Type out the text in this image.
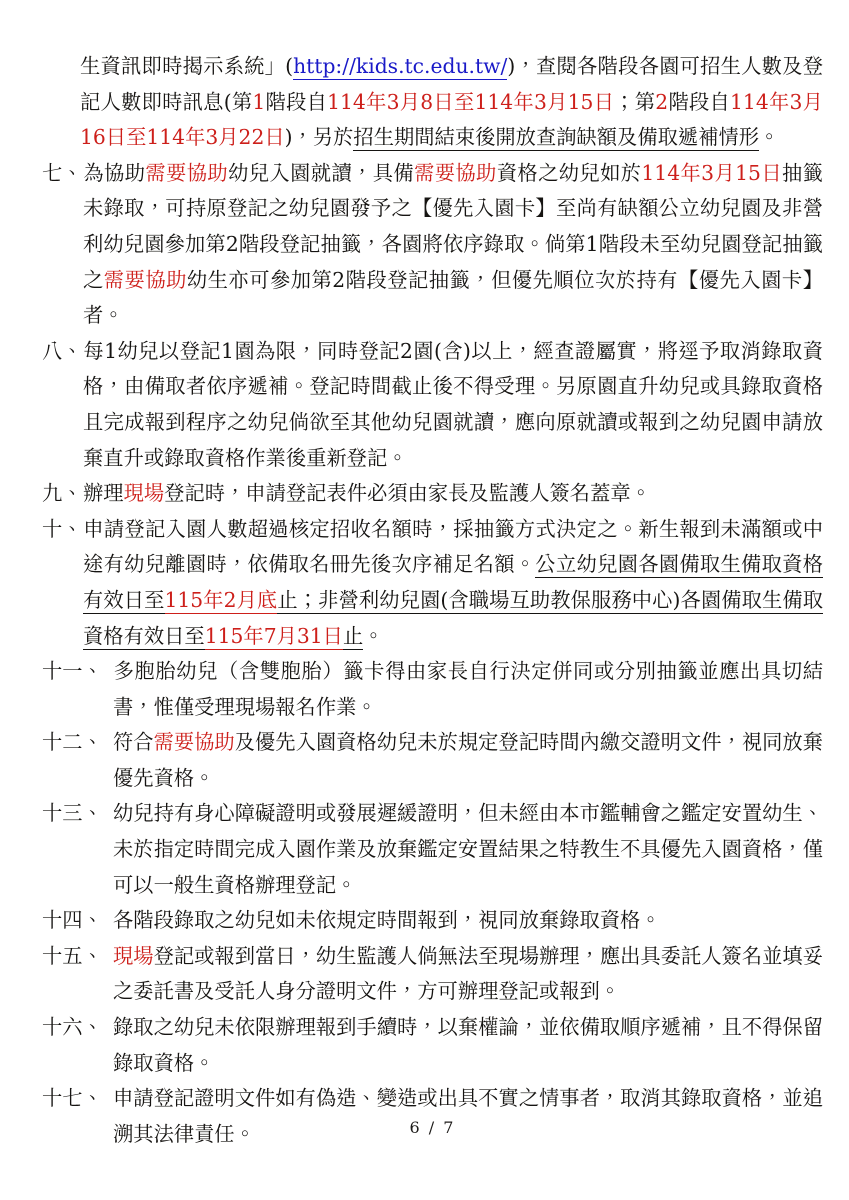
生資訊即時揭示系統」(http://kids.tc.edu.tw/)，查閱各階段各園可招生人數及登記人數即時訊息(第1階段自114年3月8日至114年3月15日；第2階段自114年3月16日至114年3月22日)，另於招生期間結束後開放查詢缺額及備取遞補情形。
七、為協助需要協助幼兒入園就讀，具備需要協助資格之幼兒如於114年3月15日抽籤未錄取，可持原登記之幼兒園發予之【優先入園卡】至尚有缺額公立幼兒園及非營利幼兒園參加第2階段登記抽籤，各園將依序錄取。倘第1階段未至幼兒園登記抽籤之需要協助幼生亦可參加第2階段登記抽籤，但優先順位次於持有【優先入園卡】者。
八、每1幼兒以登記1園為限，同時登記2園(含)以上，經查證屬實，將逕予取消錄取資格，由備取者依序遞補。登記時間截止後不得受理。另原園直升幼兒或具錄取資格且完成報到程序之幼兒倘欲至其他幼兒園就讀，應向原就讀或報到之幼兒園申請放棄直升或錄取資格作業後重新登記。
九、辦理現場登記時，申請登記表件必須由家長及監護人簽名蓋章。
十、申請登記入園人數超過核定招收名額時，採抽籤方式決定之。新生報到未滿額或中途有幼兒離園時，依備取名冊先後次序補足名額。公立幼兒園各園備取生備取資格有效日至115年2月底止；非營利幼兒園(含職場互助教保服務中心)各園備取生備取資格有效日至115年7月31日止。
十一、 多胞胎幼兒（含雙胞胎）籤卡得由家長自行決定併同或分別抽籤並應出具切結書，惟僅受理現場報名作業。
十二、 符合需要協助及優先入園資格幼兒未於規定登記時間內繳交證明文件，視同放棄優先資格。
十三、 幼兒持有身心障礙證明或發展遲緩證明，但未經由本市鑑輔會之鑑定安置幼生、未於指定時間完成入園作業及放棄鑑定安置結果之特教生不具優先入園資格，僅可以一般生資格辦理登記。
十四、 各階段錄取之幼兒如未依規定時間報到，視同放棄錄取資格。
十五、 現場登記或報到當日，幼生監護人倘無法至現場辦理，應出具委託人簽名並填妥之委託書及受託人身分證明文件，方可辦理登記或報到。
十六、 錄取之幼兒未依限辦理報到手續時，以棄權論，並依備取順序遞補，且不得保留錄取資格。
十七、 申請登記證明文件如有偽造、變造或出具不實之情事者，取消其錄取資格，並追溯其法律責任。	6 / 7
